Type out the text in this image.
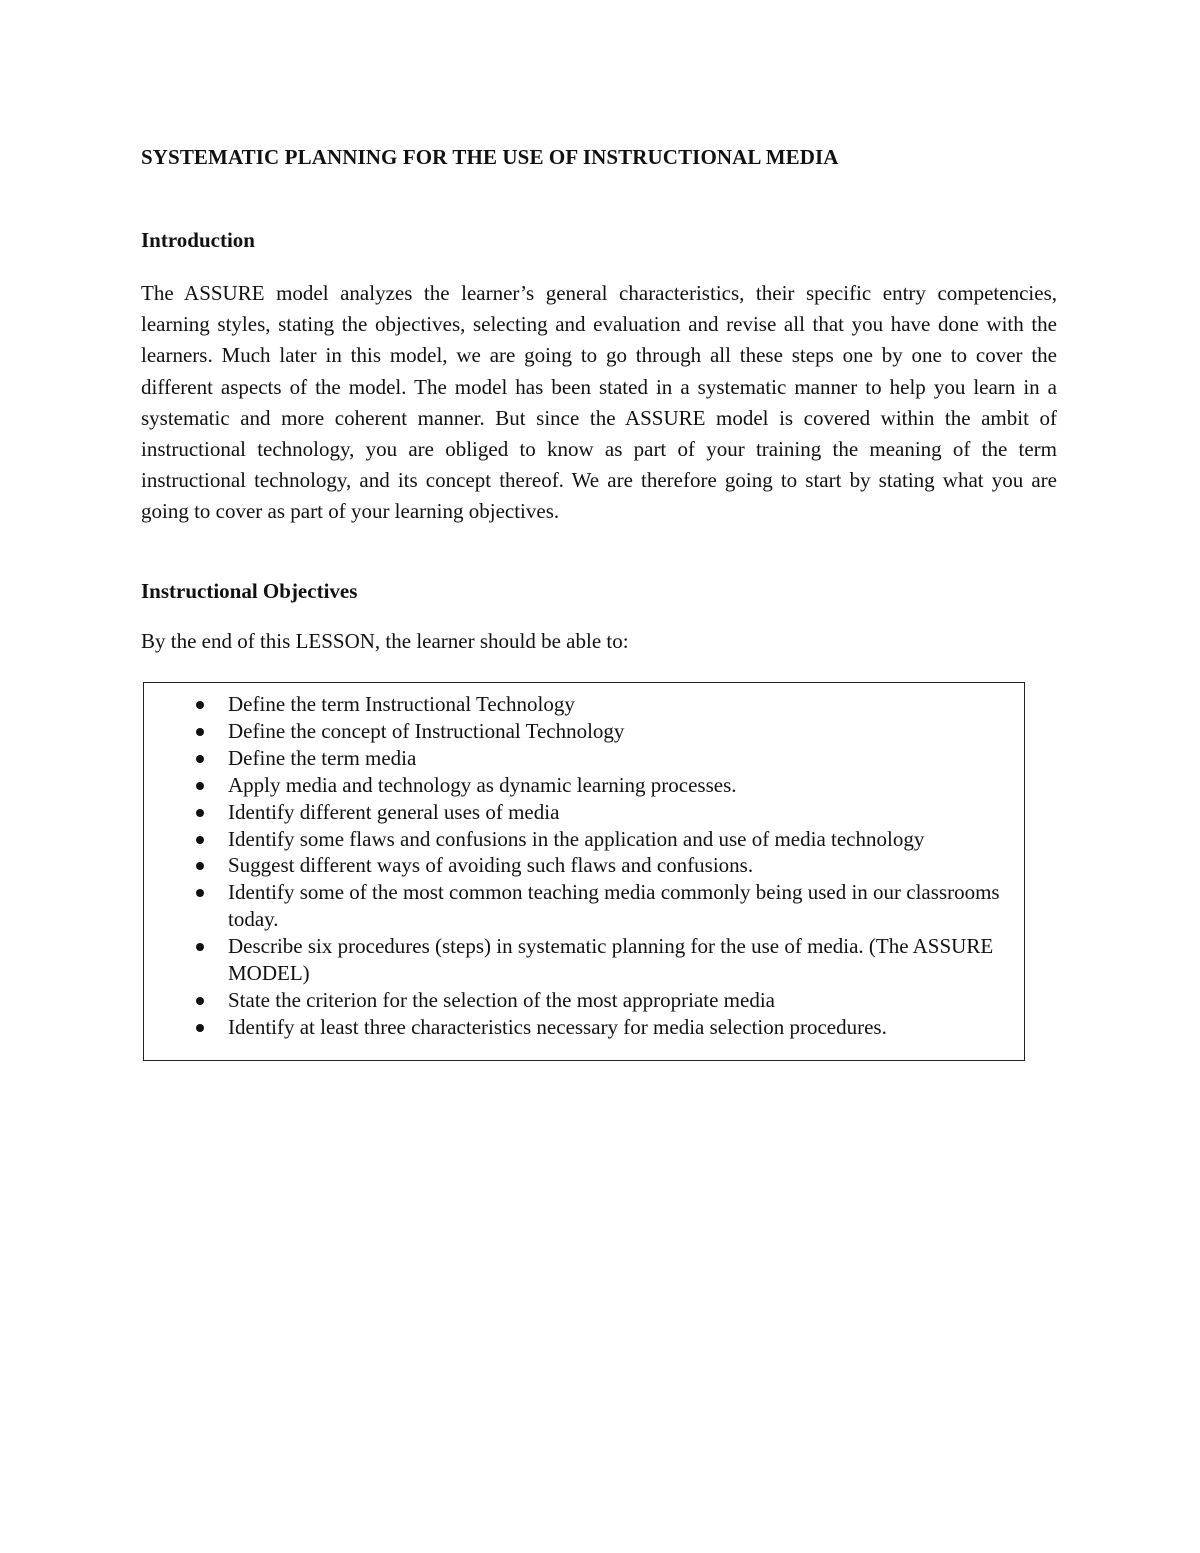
SYSTEMATIC PLANNING FOR THE USE OF INSTRUCTIONAL MEDIA
Introduction

The ASSURE model analyzes the learner’s general characteristics, their specific entry competencies, learning styles, stating the objectives, selecting and evaluation and revise all that you have done with the learners. Much later in this model, we are going to go through all these steps one by one to cover the different aspects of the model. The model has been stated in a systematic manner to help you learn in a systematic and more coherent manner. But since the ASSURE model is covered within the ambit of instructional technology, you are obliged to know as part of your training the meaning of the term instructional technology, and its concept thereof. We are therefore going to start by stating what you are going to cover as part of your learning objectives.

Instructional Objectives

By the end of this LESSON, the learner should be able to:

Define the term Instructional Technology
Define the concept of Instructional Technology
Define the term media
Apply media and technology as dynamic learning processes.
Identify different general uses of media
Identify some flaws and confusions in the application and use of media technology
Suggest different ways of avoiding such flaws and confusions.
Identify some of the most common teaching media commonly being used in our classrooms today.
Describe six procedures (steps) in systematic planning for the use of media. (The ASSURE MODEL)
State the criterion for the selection of the most appropriate media
Identify at least three characteristics necessary for media selection procedures.
